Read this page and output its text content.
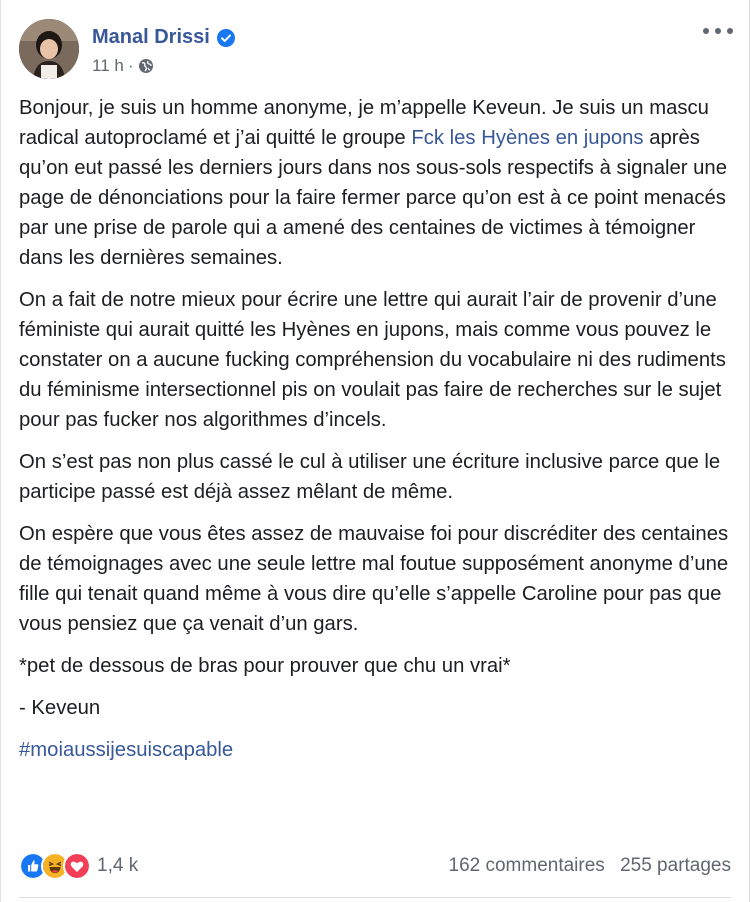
Manal Drissi
11 h ·

Bonjour, je suis un homme anonyme, je m’appelle Keveun. Je suis un mascu radical autoproclamé et j’ai quitté le groupe Fck les Hyènes en jupons après qu’on eut passé les derniers jours dans nos sous-sols respectifs à signaler une page de dénonciations pour la faire fermer parce qu’on est à ce point menacés par une prise de parole qui a amené des centaines de victimes à témoigner dans les dernières semaines.

On a fait de notre mieux pour écrire une lettre qui aurait l’air de provenir d’une féministe qui aurait quitté les Hyènes en jupons, mais comme vous pouvez le constater on a aucune fucking compréhension du vocabulaire ni des rudiments du féminisme intersectionnel pis on voulait pas faire de recherches sur le sujet pour pas fucker nos algorithmes d’incels.

On s’est pas non plus cassé le cul à utiliser une écriture inclusive parce que le participe passé est déjà assez mêlant de même.

On espère que vous êtes assez de mauvaise foi pour discréditer des centaines de témoignages avec une seule lettre mal foutue supposément anonyme d’une fille qui tenait quand même à vous dire qu’elle s’appelle Caroline pour pas que vous pensiez que ça venait d’un gars.

*pet de dessous de bras pour prouver que chu un vrai*

- Keveun

#moiaussijesuiscapable

1,4 k	162 commentaires 255 partages
